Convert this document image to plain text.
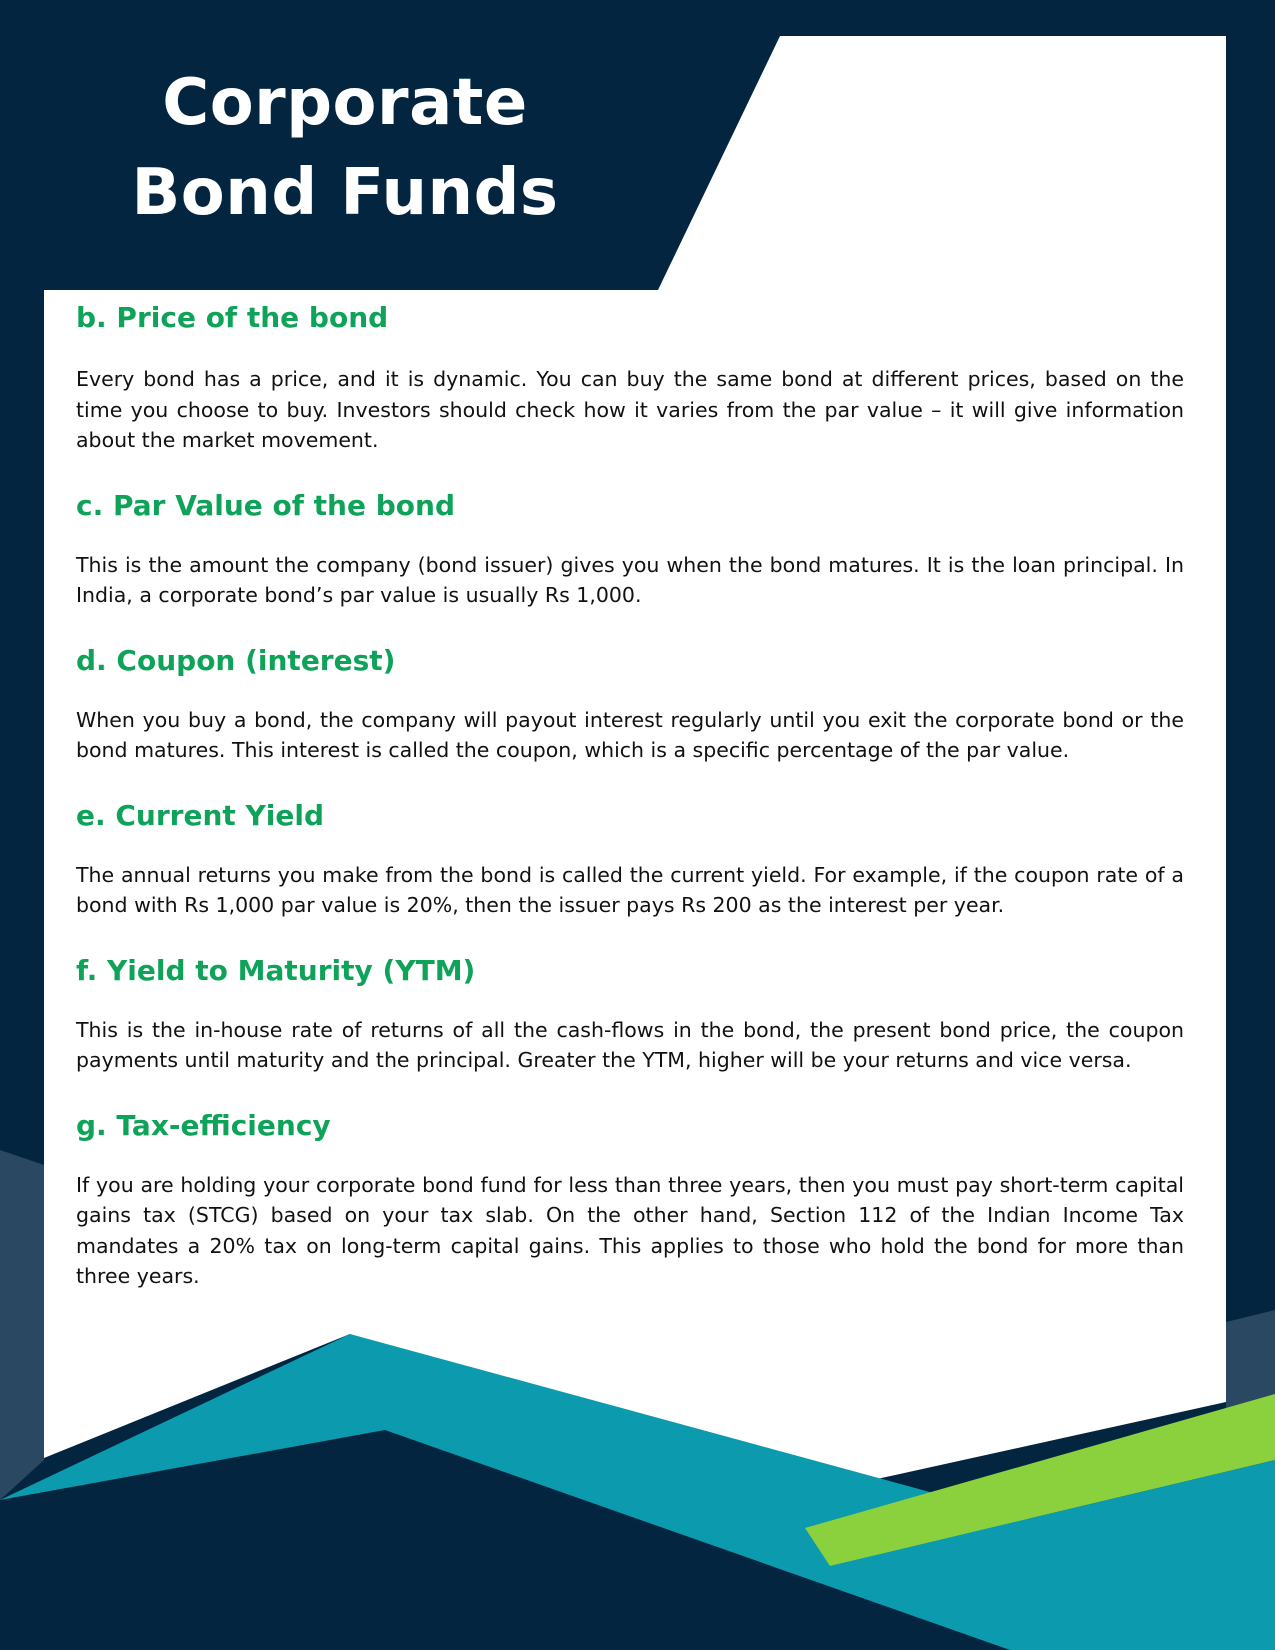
Corporate Bond Funds
b. Price of the bond

Every bond has a price, and it is dynamic. You can buy the same bond at different prices, based on the time you choose to buy. Investors should check how it varies from the par value – it will give information about the market movement.

c. Par Value of the bond

This is the amount the company (bond issuer) gives you when the bond matures. It is the loan principal. In India, a corporate bond’s par value is usually Rs 1,000.

d. Coupon (interest)

When you buy a bond, the company will payout interest regularly until you exit the corporate bond or the bond matures. This interest is called the coupon, which is a specific percentage of the par value.

e. Current Yield

The annual returns you make from the bond is called the current yield. For example, if the coupon rate of a bond with Rs 1,000 par value is 20%, then the issuer pays Rs 200 as the interest per year.

f. Yield to Maturity (YTM)

This is the in-house rate of returns of all the cash-flows in the bond, the present bond price, the coupon payments until maturity and the principal. Greater the YTM, higher will be your returns and vice versa.

g. Tax-efficiency

If you are holding your corporate bond fund for less than three years, then you must pay short-term capital gains tax (STCG) based on your tax slab. On the other hand, Section 112 of the Indian Income Tax mandates a 20% tax on long-term capital gains. This applies to those who hold the bond for more than three years.
